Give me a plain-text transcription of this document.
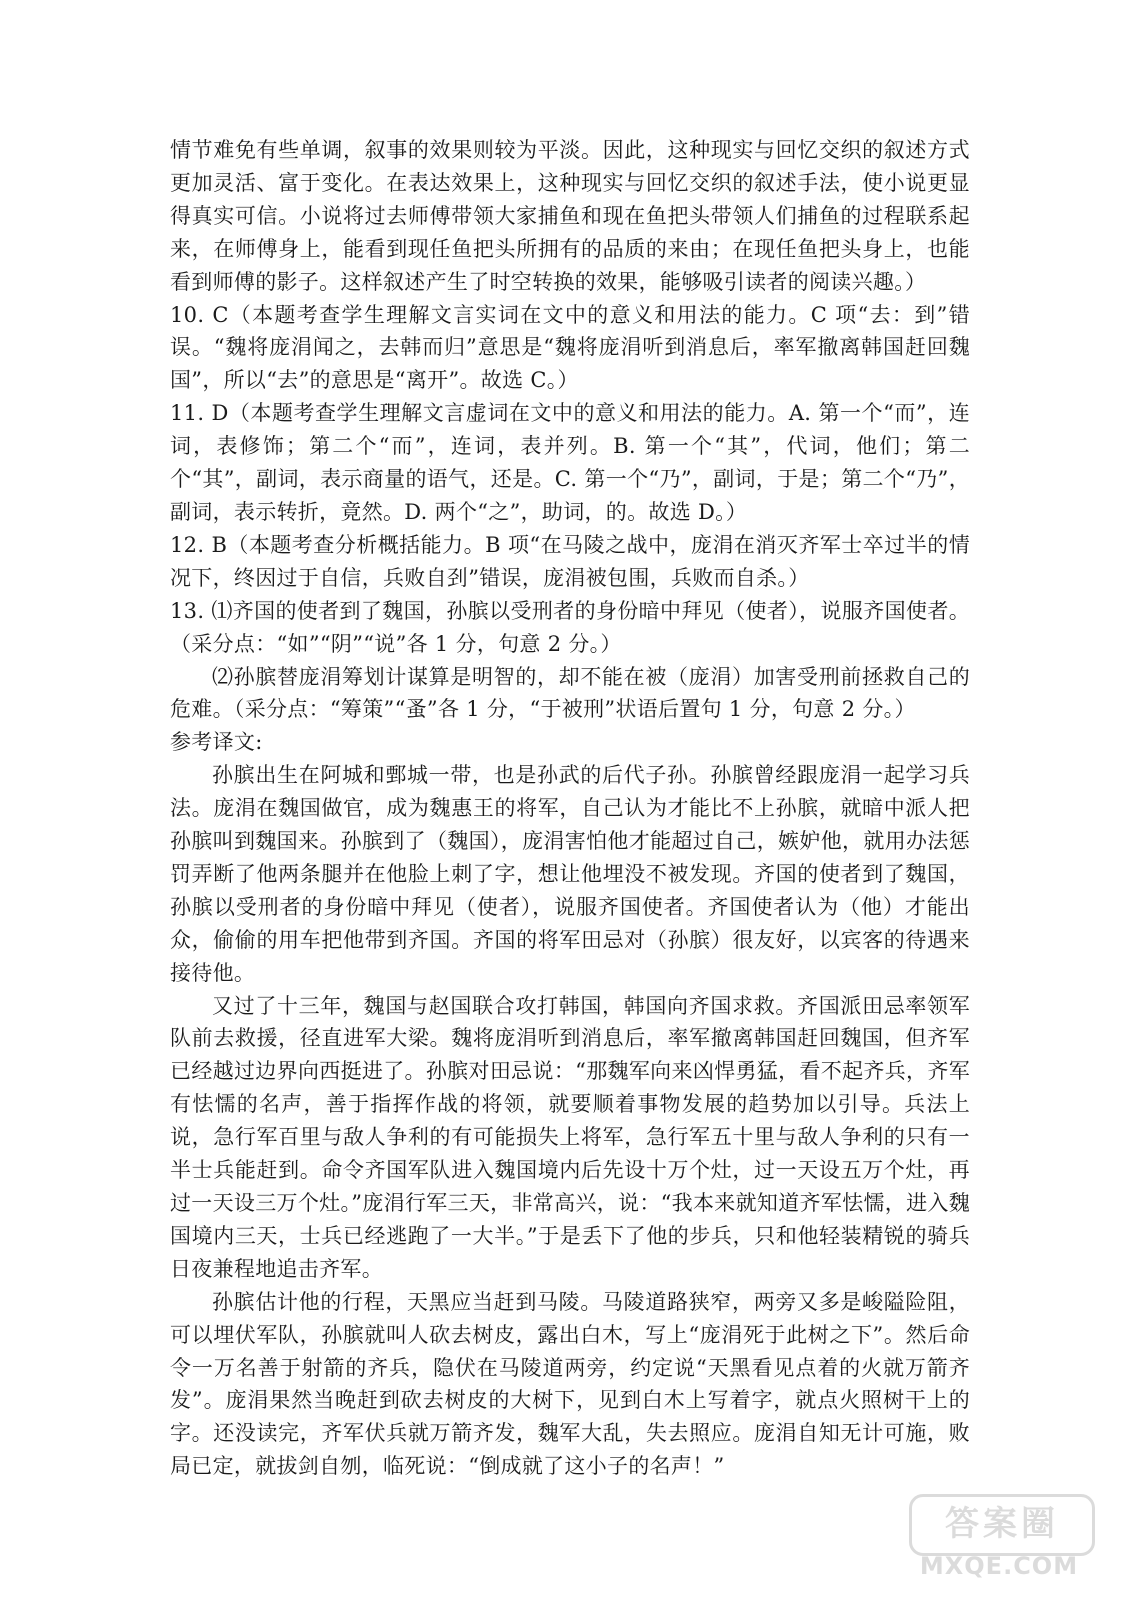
情节难免有些单调，叙事的效果则较为平淡。因此，这种现实与回忆交织的叙述方式更加灵活、富于变化。在表达效果上，这种现实与回忆交织的叙述手法，使小说更显得真实可信。小说将过去师傅带领大家捕鱼和现在鱼把头带领人们捕鱼的过程联系起来，在师傅身上，能看到现任鱼把头所拥有的品质的来由；在现任鱼把头身上，也能看到师傅的影子。这样叙述产生了时空转换的效果，能够吸引读者的阅读兴趣。）

10. C（本题考查学生理解文言实词在文中的意义和用法的能力。C 项“去：到”错误。“魏将庞涓闻之，去韩而归”意思是“魏将庞涓听到消息后，率军撤离韩国赶回魏国”，所以“去”的意思是“离开”。故选 C。）

11. D（本题考查学生理解文言虚词在文中的意义和用法的能力。A. 第一个“而”，连词，表修饰；第二个“而”，连词，表并列。B. 第一个“其”，代词，他们；第二个“其”，副词，表示商量的语气，还是。C. 第一个“乃”，副词，于是；第二个“乃”，副词，表示转折，竟然。D. 两个“之”，助词，的。故选 D。）

12. B（本题考查分析概括能力。B 项“在马陵之战中，庞涓在消灭齐军士卒过半的情况下，终因过于自信，兵败自刭”错误，庞涓被包围，兵败而自杀。）

13. ⑴齐国的使者到了魏国，孙膑以受刑者的身份暗中拜见（使者），说服齐国使者。（采分点：“如”“阴”“说”各 1 分，句意 2 分。）

⑵孙膑替庞涓筹划计谋算是明智的，却不能在被（庞涓）加害受刑前拯救自己的危难。（采分点：“筹策”“蚤”各 1 分，“于被刑”状语后置句 1 分，句意 2 分。）

参考译文:

孙膑出生在阿城和鄄城一带，也是孙武的后代子孙。孙膑曾经跟庞涓一起学习兵法。庞涓在魏国做官，成为魏惠王的将军，自己认为才能比不上孙膑，就暗中派人把孙膑叫到魏国来。孙膑到了（魏国），庞涓害怕他才能超过自己，嫉妒他，就用办法惩罚弄断了他两条腿并在他脸上刺了字，想让他埋没不被发现。齐国的使者到了魏国，孙膑以受刑者的身份暗中拜见（使者），说服齐国使者。齐国使者认为（他）才能出众，偷偷的用车把他带到齐国。齐国的将军田忌对（孙膑）很友好，以宾客的待遇来接待他。

又过了十三年，魏国与赵国联合攻打韩国，韩国向齐国求救。齐国派田忌率领军队前去救援，径直进军大梁。魏将庞涓听到消息后，率军撤离韩国赶回魏国，但齐军已经越过边界向西挺进了。孙膑对田忌说：“那魏军向来凶悍勇猛，看不起齐兵，齐军有怯懦的名声，善于指挥作战的将领，就要顺着事物发展的趋势加以引导。兵法上说，急行军百里与敌人争利的有可能损失上将军，急行军五十里与敌人争利的只有一半士兵能赶到。命令齐国军队进入魏国境内后先设十万个灶，过一天设五万个灶，再过一天设三万个灶。”庞涓行军三天，非常高兴，说：“我本来就知道齐军怯懦，进入魏国境内三天，士兵已经逃跑了一大半。”于是丢下了他的步兵，只和他轻装精锐的骑兵日夜兼程地追击齐军。

孙膑估计他的行程，天黑应当赶到马陵。马陵道路狭窄，两旁又多是峻隘险阻，可以埋伏军队，孙膑就叫人砍去树皮，露出白木，写上“庞涓死于此树之下”。然后命令一万名善于射箭的齐兵，隐伏在马陵道两旁，约定说“天黑看见点着的火就万箭齐发”。庞涓果然当晚赶到砍去树皮的大树下，见到白木上写着字，就点火照树干上的字。还没读完，齐军伏兵就万箭齐发，魏军大乱，失去照应。庞涓自知无计可施，败局已定，就拔剑自刎，临死说：“倒成就了这小子的名声！”

答案圈
MXQE.COM
